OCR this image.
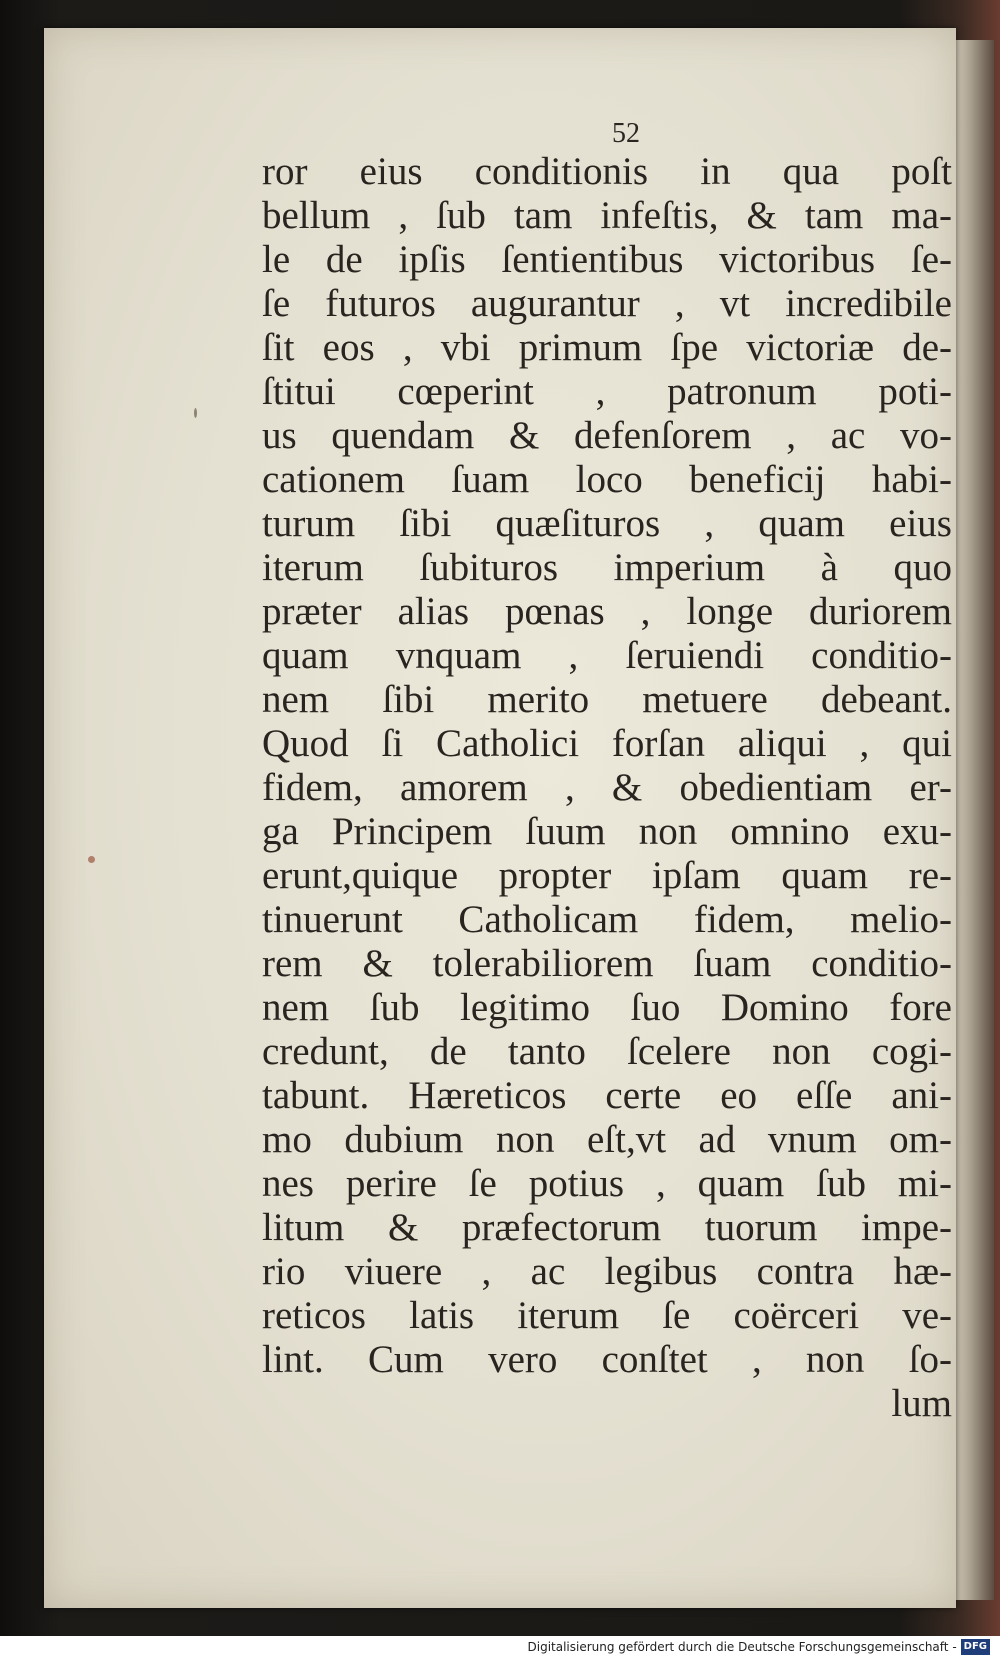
52
ror eius conditionis in qua poſt
bellum , ſub tam infeſtis, & tam ma-
le de ipſis ſentientibus victoribus ſe-
ſe futuros augurantur , vt incredibile
ſit eos , vbi primum ſpe victoriæ de-
ſtitui cœperint , patronum poti-
us quendam & defenſorem , ac vo-
cationem ſuam loco beneficij habi-
turum ſibi quæſituros , quam eius
iterum ſubituros imperium à quo
præter alias pœnas , longe duriorem
quam vnquam , ſeruiendi conditio-
nem ſibi merito metuere debeant.
Quod ſi Catholici forſan aliqui , qui
fidem, amorem , & obedientiam er-
ga Principem ſuum non omnino exu-
erunt,quique propter ipſam quam re-
tinuerunt Catholicam fidem, melio-
rem & tolerabiliorem ſuam conditio-
nem ſub legitimo ſuo Domino fore
credunt, de tanto ſcelere non cogi-
tabunt. Hæreticos certe eo eſſe ani-
mo dubium non eſt,vt ad vnum om-
nes perire ſe potius , quam ſub mi-
litum & præfectorum tuorum impe-
rio viuere , ac legibus contra hæ-
reticos latis iterum ſe coërceri ve-
lint. Cum vero conſtet , non ſo-
lum
Digitalisierung gefördert durch die Deutsche Forschungsgemeinschaft - DFG
